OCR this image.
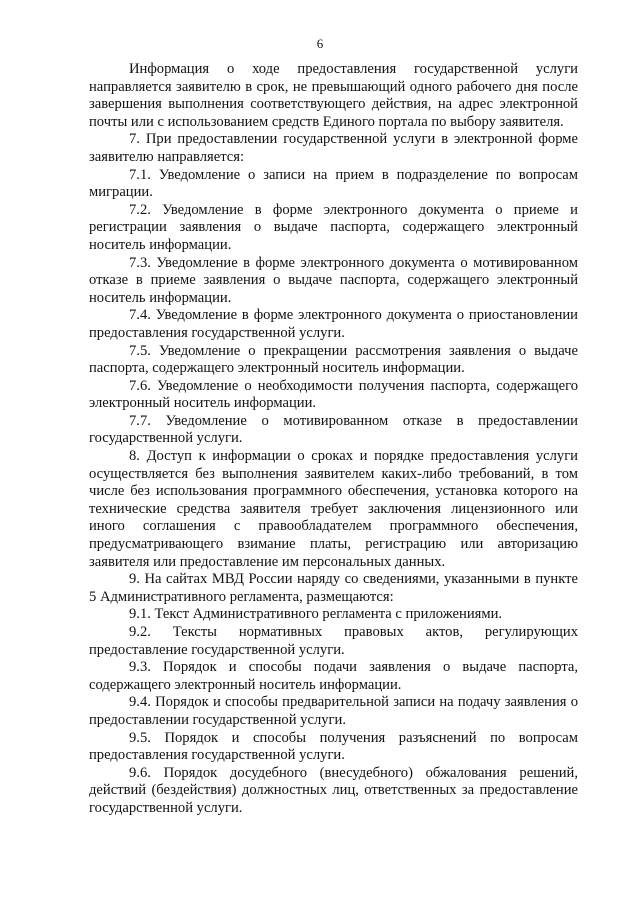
6

Информация о ходе предоставления государственной услуги направляется заявителю в срок, не превышающий одного рабочего дня после завершения выполнения соответствующего действия, на адрес электронной почты или с использованием средств Единого портала по выбору заявителя.

7. При предоставлении государственной услуги в электронной форме заявителю направляется:

7.1. Уведомление о записи на прием в подразделение по вопросам миграции.

7.2. Уведомление в форме электронного документа о приеме и регистрации заявления о выдаче паспорта, содержащего электронный носитель информации.

7.3. Уведомление в форме электронного документа о мотивированном отказе в приеме заявления о выдаче паспорта, содержащего электронный носитель информации.

7.4. Уведомление в форме электронного документа о приостановлении предоставления государственной услуги.

7.5. Уведомление о прекращении рассмотрения заявления о выдаче паспорта, содержащего электронный носитель информации.

7.6. Уведомление о необходимости получения паспорта, содержащего электронный носитель информации.

7.7. Уведомление о мотивированном отказе в предоставлении государственной услуги.

8. Доступ к информации о сроках и порядке предоставления услуги осуществляется без выполнения заявителем каких-либо требований, в том числе без использования программного обеспечения, установка которого на технические средства заявителя требует заключения лицензионного или иного соглашения с правообладателем программного обеспечения, предусматривающего взимание платы, регистрацию или авторизацию заявителя или предоставление им персональных данных.

9. На сайтах МВД России наряду со сведениями, указанными в пункте 5 Административного регламента, размещаются:

9.1. Текст Административного регламента с приложениями.

9.2. Тексты нормативных правовых актов, регулирующих предоставление государственной услуги.

9.3. Порядок и способы подачи заявления о выдаче паспорта, содержащего электронный носитель информации.

9.4. Порядок и способы предварительной записи на подачу заявления о предоставлении государственной услуги.

9.5. Порядок и способы получения разъяснений по вопросам предоставления государственной услуги.

9.6. Порядок досудебного (внесудебного) обжалования решений, действий (бездействия) должностных лиц, ответственных за предоставление государственной услуги.
